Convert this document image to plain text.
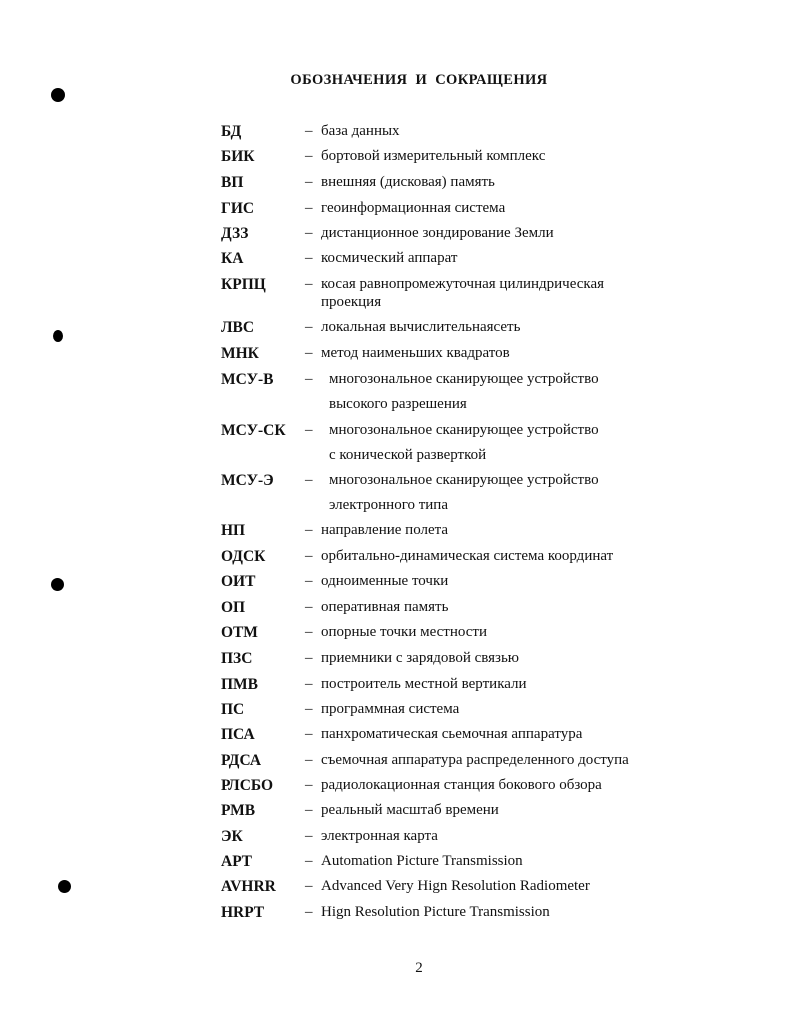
ОБОЗНАЧЕНИЯ  И  СОКРАЩЕНИЯ
БД	– база данных
БИК	– бортовой измерительный комплекс
ВП	– внешняя (дисковая) память
ГИС	– геоинформационная система
ДЗЗ	– дистанционное зондирование Земли
КА	– космический аппарат
КРПЦ	– косая равнопромежуточная цилиндрическая
проекция
ЛВС	– локальная вычислительнаясеть
МНК	– метод наименьших квадратов
МСУ-В – многозональное сканирующее устройство
высокого разрешения
МСУ-СК – многозональное сканирующее устройство
с конической разверткой
МСУ-Э – многозональное сканирующее устройство
электронного типа
НП	– направление полета
ОДСК	– орбитально-динамическая система координат
ОИТ	– одноименные точки
ОП	– оперативная память
ОТМ	– опорные точки местности
ПЗС	– приемники с зарядовой связью
ПМВ	– построитель местной вертикали
ПС	– программная система
ПСА	– панхроматическая сьемочная аппаратура
РДСА	– съемочная аппаратура распределенного доступа
РЛСБО – радиолокационная станция бокового обзора
РМВ	– реальный масштаб времени
ЭК	– электронная карта
APT	– Automation Picture Transmission
AVHRR – Advanced Very Hign Resolution Radiometer
HRPT	– Hign Resolution Picture Transmission
2
